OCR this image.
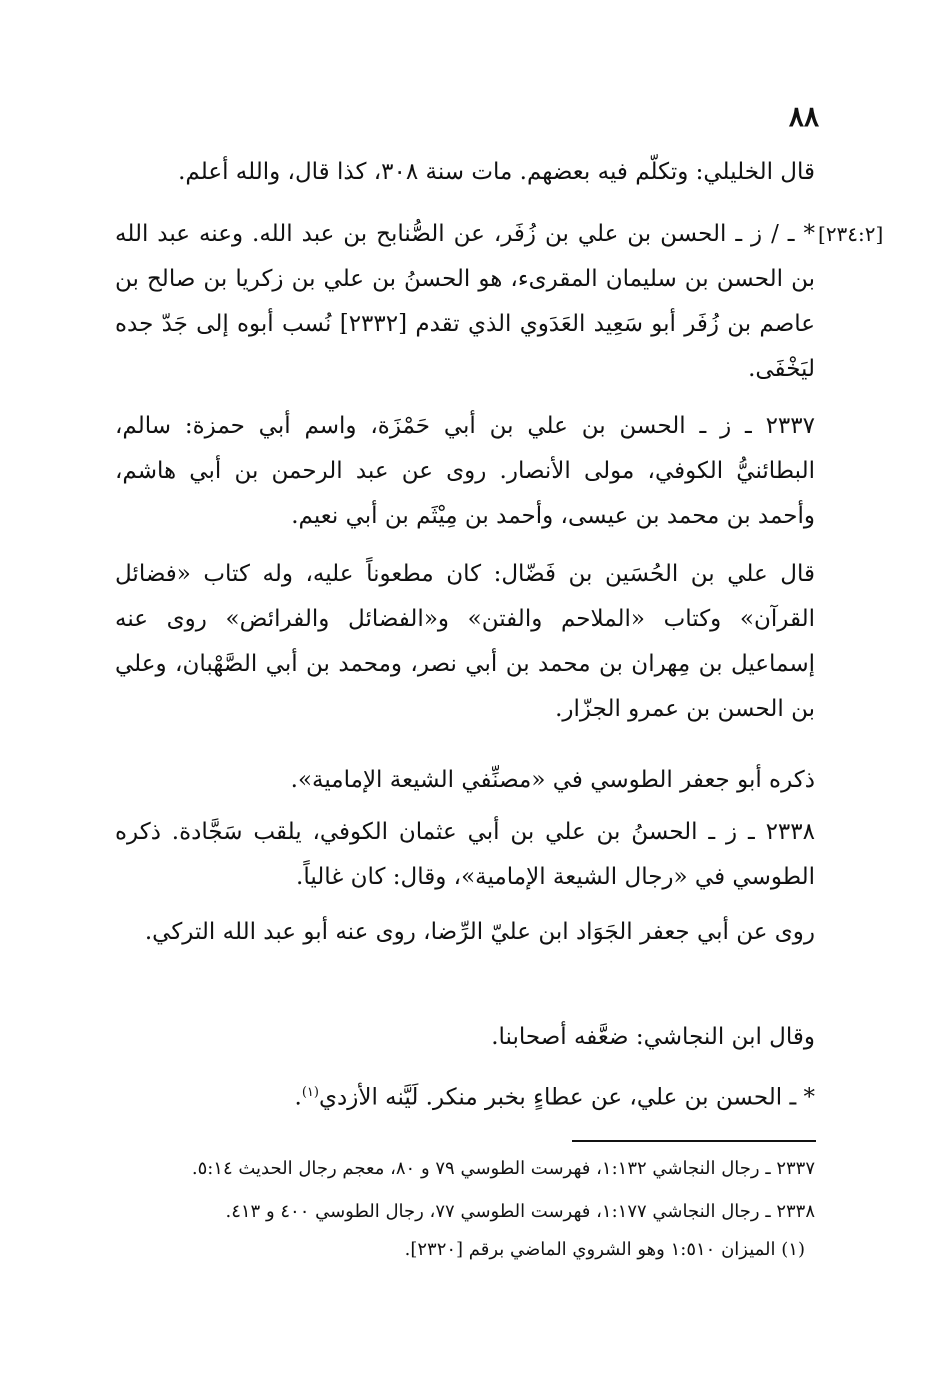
٨٨
[٢٣٤:٢]

قال الخليلي: وتكلّم فيه بعضهم. مات سنة ٣٠٨، كذا قال، والله أعلم.

* ـ / ز ـ الحسن بن علي بن زُفَر، عن الصُّنابح بن عبد الله. وعنه عبد الله بن الحسن بن سليمان المقرىء، هو الحسنُ بن علي بن زكريا بن صالح بن عاصم بن زُفَر أبو سَعِيد العَدَوي الذي تقدم [٢٣٣٢] نُسب أبوه إلى جَدّ جده ليَخْفَى.

٢٣٣٧ ـ ز ـ الحسن بن علي بن أبي حَمْزَة، واسم أبي حمزة: سالم، البطائنيُّ الكوفي، مولى الأنصار. روى عن عبد الرحمن بن أبي هاشم، وأحمد بن محمد بن عيسى، وأحمد بن مِيْثَم بن أبي نعيم.

قال علي بن الحُسَين بن فَضّال: كان مطعوناً عليه، وله كتاب «فضائل القرآن» وكتاب «الملاحم والفتن» و«الفضائل والفرائض» روى عنه إسماعيل بن مِهران بن محمد بن أبي نصر، ومحمد بن أبي الصَّهْبان، وعلي بن الحسن بن عمرو الجزّار.

ذكره أبو جعفر الطوسي في «مصنِّفي الشيعة الإمامية».

٢٣٣٨ ـ ز ـ الحسنُ بن علي بن أبي عثمان الكوفي، يلقب سَجَّادة. ذكره الطوسي في «رجال الشيعة الإمامية»، وقال: كان غالياً.

روى عن أبي جعفر الجَوَاد ابن عليّ الرِّضا، روى عنه أبو عبد الله التركي.

وقال ابن النجاشي: ضعَّفه أصحابنا.

* ـ الحسن بن علي، عن عطاءٍ بخبر منكر. لَيَّنه الأزدي$^{(١)}$.

٢٣٣٧ ـ رجال النجاشي ١:١٣٢، فهرست الطوسي ٧٩ و ٨٠، معجم رجال الحديث ٥:١٤.

٢٣٣٨ ـ رجال النجاشي ١:١٧٧، فهرست الطوسي ٧٧، رجال الطوسي ٤٠٠ و ٤١٣.

(١) الميزان ١:٥١٠ وهو الشروي الماضي برقم [٢٣٢٠].
